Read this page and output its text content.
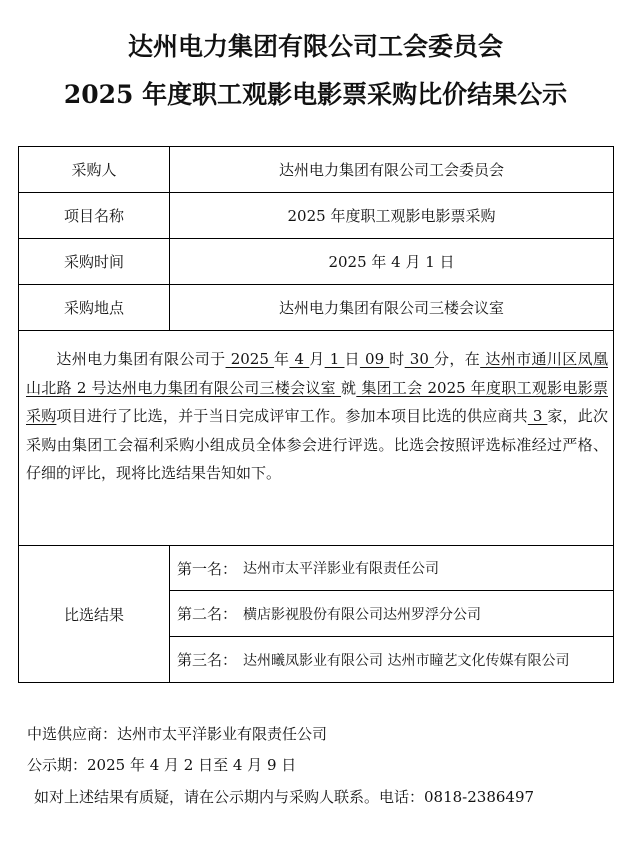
达州电力集团有限公司工会委员会
2025 年度职工观影电影票采购比价结果公示
采购人	达州电力集团有限公司工会委员会
项目名称	2025 年度职工观影电影票采购
采购时间	2025 年 4 月 1 日
采购地点	达州电力集团有限公司三楼会议室
达州电力集团有限公司于 2025 年 4 月 1 日 09 时 30 分，在 达州市通川区凤凰山北路 2 号达州电力集团有限公司三楼会议室 就 集团工会 2025 年度职工观影电影票采购项目进行了比选，并于当日完成评审工作。参加本项目比选的供应商共 3 家，此次采购由集团工会福利采购小组成员全体参会进行评选。比选会按照评选标准经过严格、仔细的评比，现将比选结果告知如下。
比选结果
第一名： 达州市太平洋影业有限责任公司
第二名： 横店影视股份有限公司达州罗浮分公司
第三名： 达州曦凤影业有限公司 达州市瞳艺文化传媒有限公司
中选供应商：达州市太平洋影业有限责任公司
公示期：2025 年 4 月 2 日至 4 月 9 日
如对上述结果有质疑，请在公示期内与采购人联系。电话：0818-2386497
